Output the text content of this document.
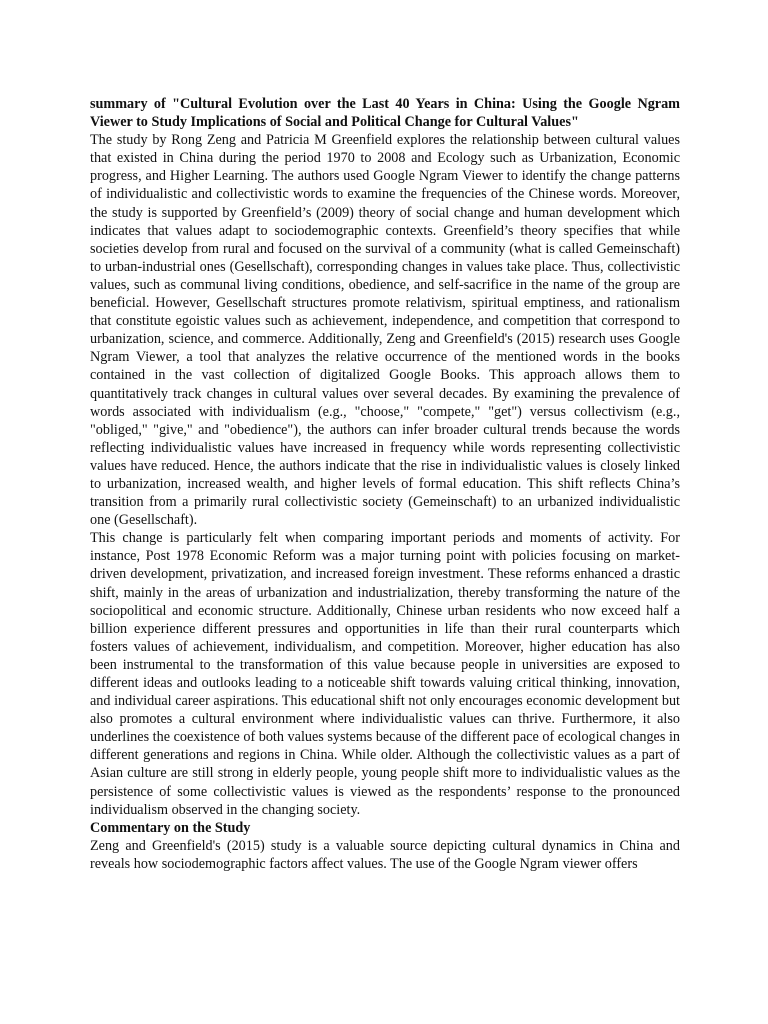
summary of "Cultural Evolution over the Last 40 Years in China: Using the Google Ngram Viewer to Study Implications of Social and Political Change for Cultural Values"

The study by Rong Zeng and Patricia M Greenfield explores the relationship between cultural values that existed in China during the period 1970 to 2008 and Ecology such as Urbanization, Economic progress, and Higher Learning. The authors used Google Ngram Viewer to identify the change patterns of individualistic and collectivistic words to examine the frequencies of the Chinese words. Moreover, the study is supported by Greenfield’s (2009) theory of social change and human development which indicates that values adapt to sociodemographic contexts. Greenfield’s theory specifies that while societies develop from rural and focused on the survival of a community (what is called Gemeinschaft) to urban-industrial ones (Gesellschaft), corresponding changes in values take place. Thus, collectivistic values, such as communal living conditions, obedience, and self-sacrifice in the name of the group are beneficial. However, Gesellschaft structures promote relativism, spiritual emptiness, and rationalism that constitute egoistic values such as achievement, independence, and competition that correspond to urbanization, science, and commerce. Additionally, Zeng and Greenfield's (2015) research uses Google Ngram Viewer, a tool that analyzes the relative occurrence of the mentioned words in the books contained in the vast collection of digitalized Google Books. This approach allows them to quantitatively track changes in cultural values over several decades. By examining the prevalence of words associated with individualism (e.g., "choose," "compete," "get") versus collectivism (e.g., "obliged," "give," and "obedience"), the authors can infer broader cultural trends because the words reflecting individualistic values have increased in frequency while words representing collectivistic values have reduced. Hence, the authors indicate that the rise in individualistic values is closely linked to urbanization, increased wealth, and higher levels of formal education. This shift reflects China’s transition from a primarily rural collectivistic society (Gemeinschaft) to an urbanized individualistic one (Gesellschaft).

This change is particularly felt when comparing important periods and moments of activity. For instance, Post 1978 Economic Reform was a major turning point with policies focusing on market-driven development, privatization, and increased foreign investment. These reforms enhanced a drastic shift, mainly in the areas of urbanization and industrialization, thereby transforming the nature of the sociopolitical and economic structure. Additionally, Chinese urban residents who now exceed half a billion experience different pressures and opportunities in life than their rural counterparts which fosters values of achievement, individualism, and competition. Moreover, higher education has also been instrumental to the transformation of this value because people in universities are exposed to different ideas and outlooks leading to a noticeable shift towards valuing critical thinking, innovation, and individual career aspirations. This educational shift not only encourages economic development but also promotes a cultural environment where individualistic values can thrive. Furthermore, it also underlines the coexistence of both values systems because of the different pace of ecological changes in different generations and regions in China. While older. Although the collectivistic values as a part of Asian culture are still strong in elderly people, young people shift more to individualistic values as the persistence of some collectivistic values is viewed as the respondents’ response to the pronounced individualism observed in the changing society.

Commentary on the Study

Zeng and Greenfield's (2015) study is a valuable source depicting cultural dynamics in China and reveals how sociodemographic factors affect values. The use of the Google Ngram viewer offers
